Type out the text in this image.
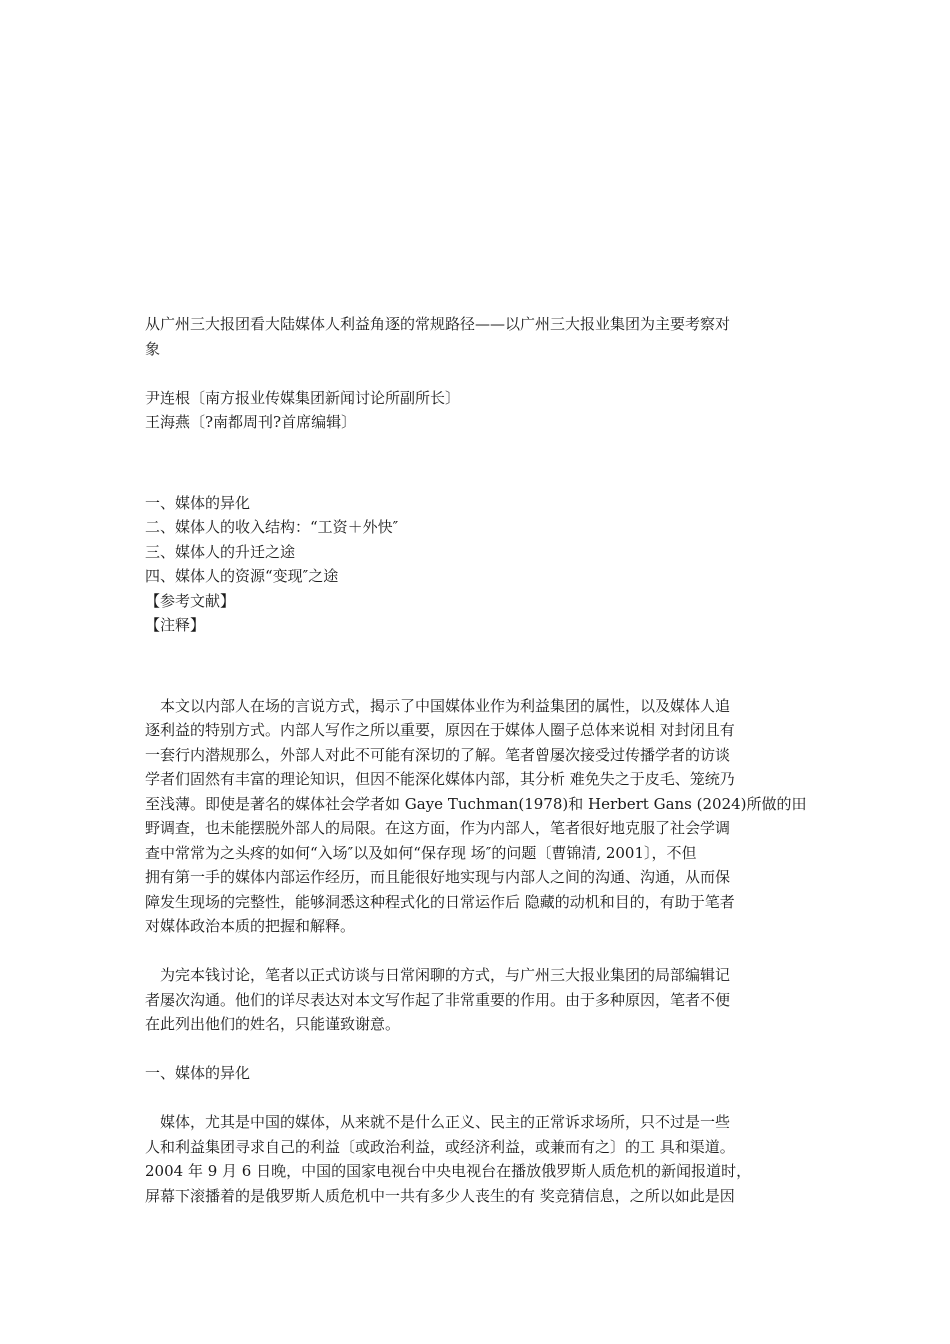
从广州三大报团看大陆媒体人利益角逐的常规路径——以广州三大报业集团为主要考察对
象
尹连根〔南方报业传媒集团新闻讨论所副所长〕
王海燕〔?南都周刊?首席编辑〕
一、媒体的异化
二、媒体人的收入结构：“工资＋外快″
三、媒体人的升迁之途
四、媒体人的资源“变现″之途
【参考文献】
【注释】
本文以内部人在场的言说方式，揭示了中国媒体业作为利益集团的属性，以及媒体人追
逐利益的特别方式。内部人写作之所以重要，原因在于媒体人圈子总体来说相 对封闭且有
一套行内潜规那么，外部人对此不可能有深切的了解。笔者曾屡次接受过传播学者的访谈
学者们固然有丰富的理论知识，但因不能深化媒体内部，其分析 难免失之于皮毛、笼统乃
至浅薄。即使是著名的媒体社会学者如 Gaye Tuchman(1978)和 Herbert Gans (2024)所做的田
野调查，也未能摆脱外部人的局限。在这方面，作为内部人，笔者很好地克服了社会学调
查中常常为之头疼的如何“入场″以及如何“保存现 场″的问题〔曹锦清, 2001〕，不但
拥有第一手的媒体内部运作经历，而且能很好地实现与内部人之间的沟通、沟通，从而保
障发生现场的完整性，能够洞悉这种程式化的日常运作后 隐藏的动机和目的，有助于笔者
对媒体政治本质的把握和解释。
为完本钱讨论，笔者以正式访谈与日常闲聊的方式，与广州三大报业集团的局部编辑记
者屡次沟通。他们的详尽表达对本文写作起了非常重要的作用。由于多种原因，笔者不便
在此列出他们的姓名，只能谨致谢意。
一、媒体的异化
媒体，尤其是中国的媒体，从来就不是什么正义、民主的正常诉求场所，只不过是一些
人和利益集团寻求自己的利益〔或政治利益，或经济利益，或兼而有之〕的工 具和渠道。
2004 年 9 月 6 日晚，中国的国家电视台中央电视台在播放俄罗斯人质危机的新闻报道时，
屏幕下滚播着的是俄罗斯人质危机中一共有多少人丧生的有 奖竞猜信息，之所以如此是因
